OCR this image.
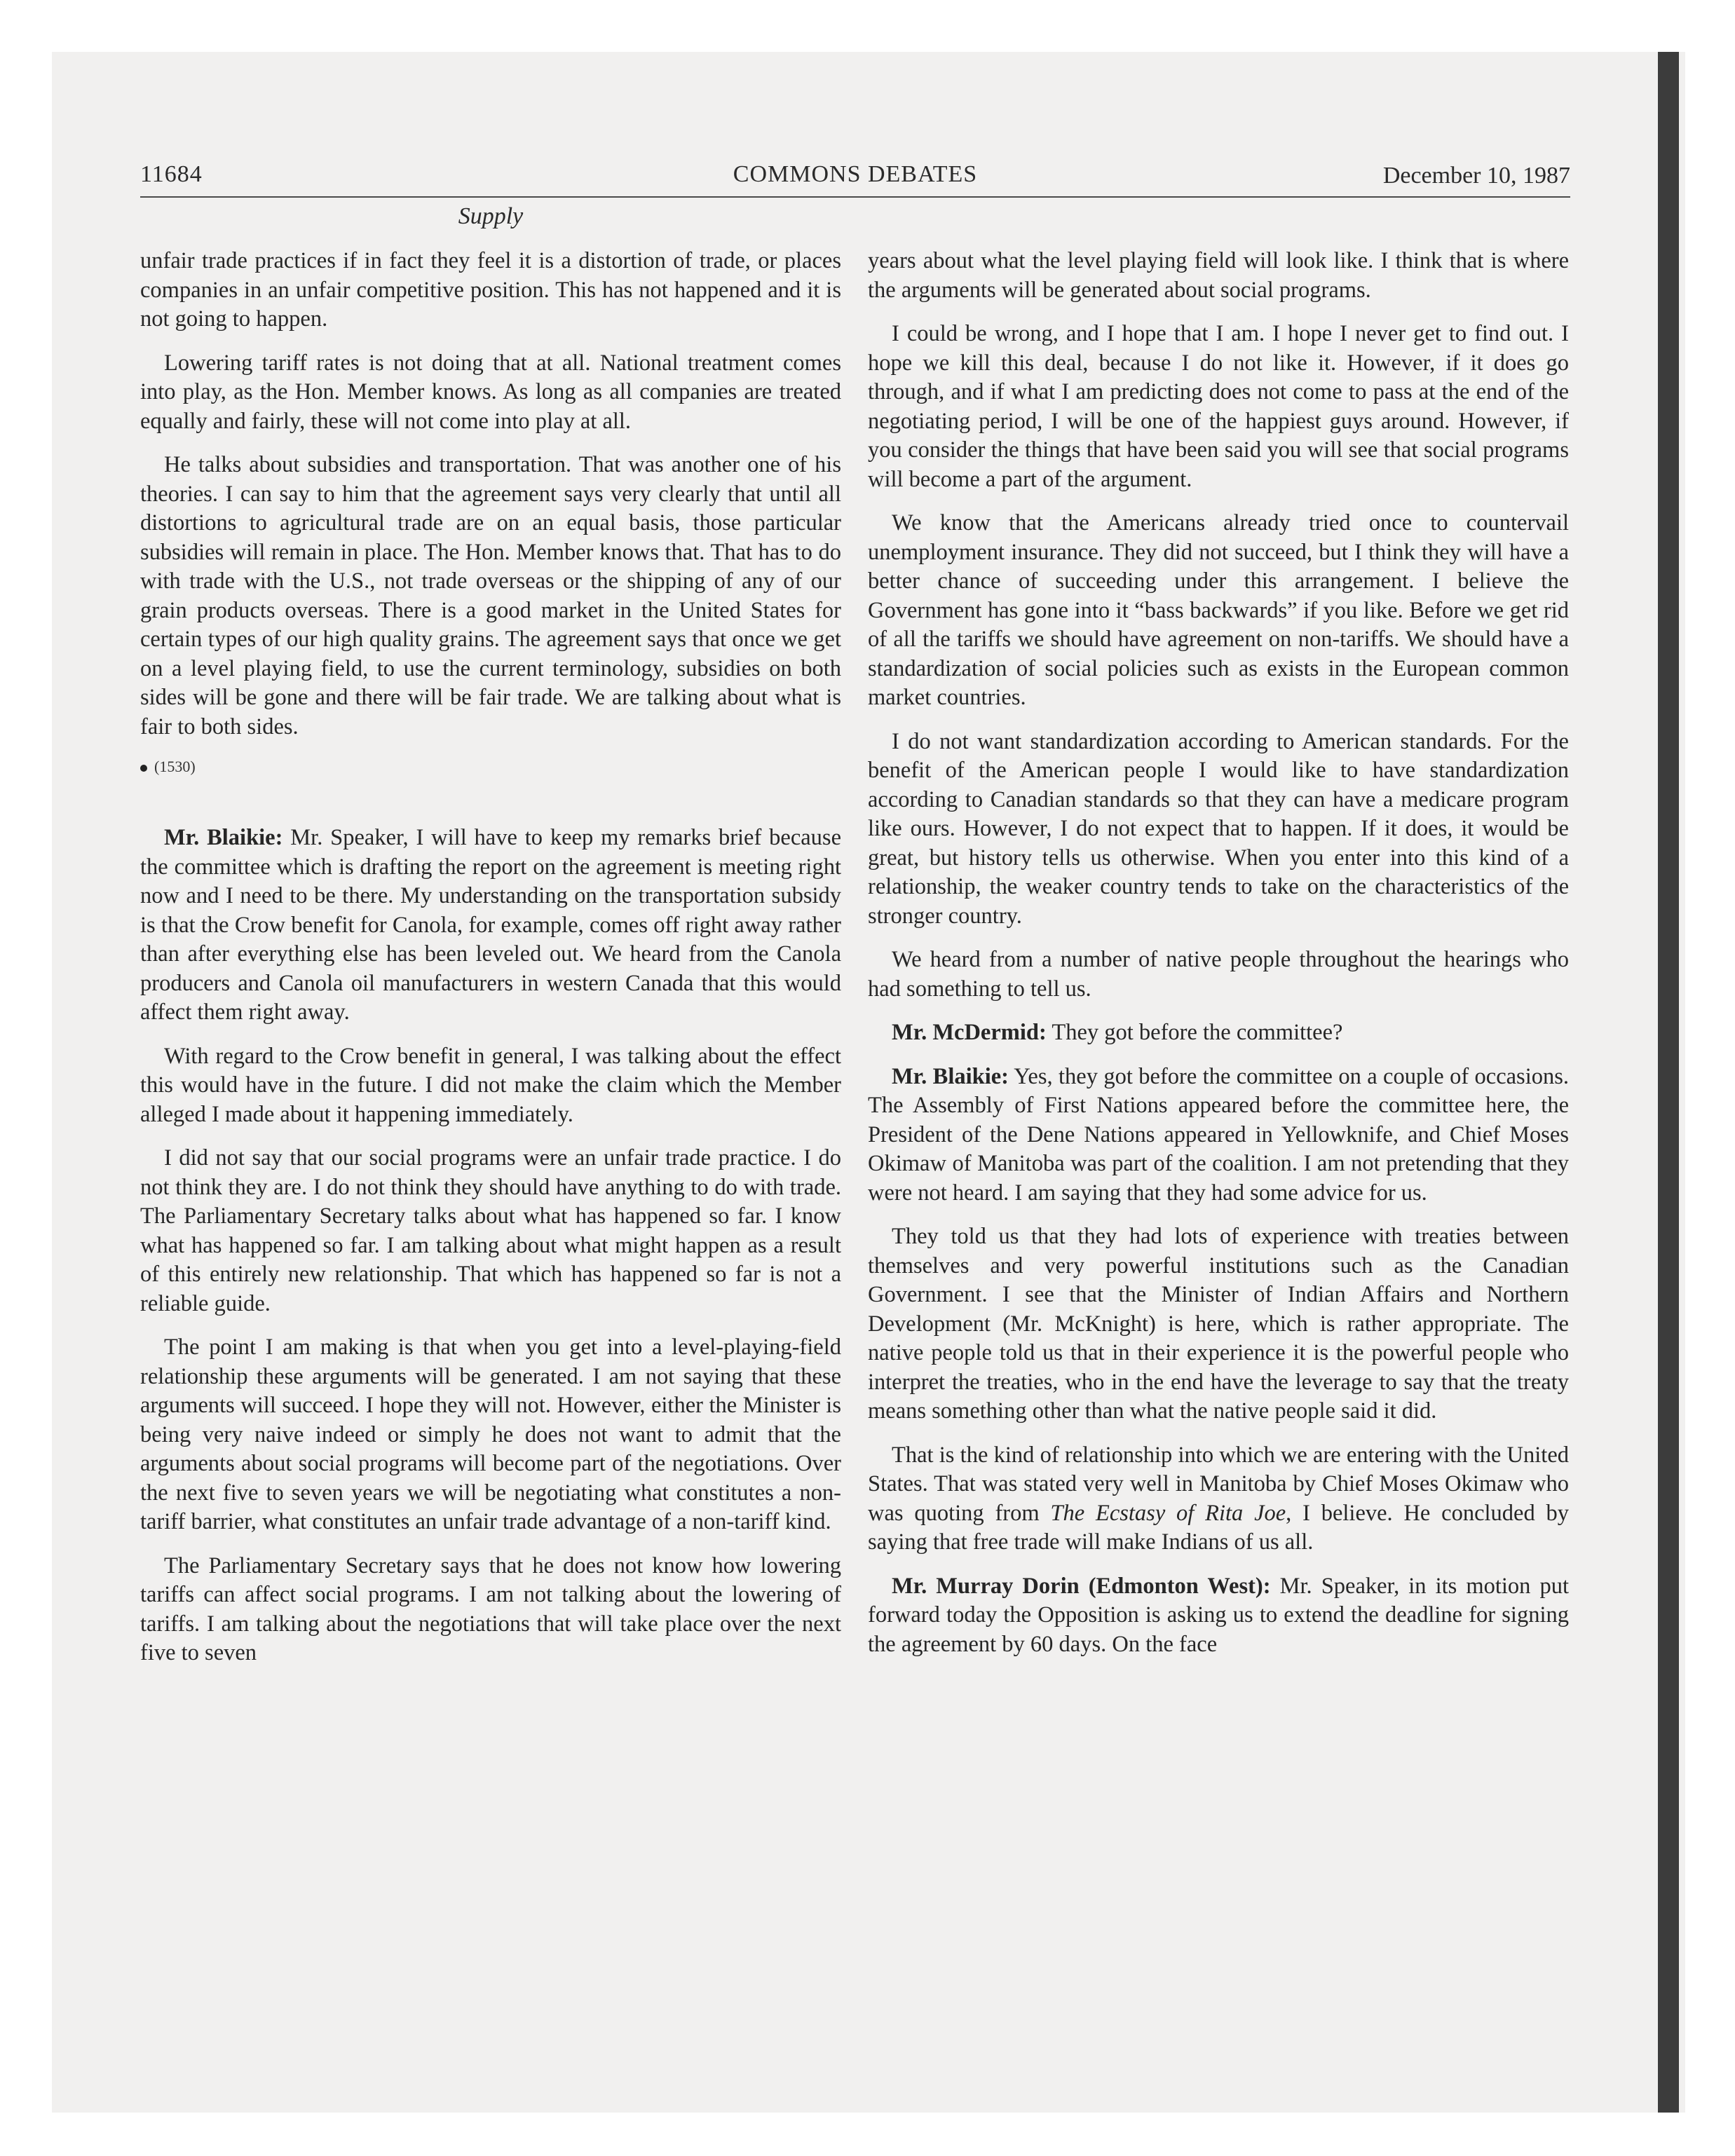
11684	COMMONS DEBATES	December 10, 1987
Supply

unfair trade practices if in fact they feel it is a distortion of trade, or places companies in an unfair competitive position. This has not happened and it is not going to happen.

Lowering tariff rates is not doing that at all. National treatment comes into play, as the Hon. Member knows. As long as all companies are treated equally and fairly, these will not come into play at all.

He talks about subsidies and transportation. That was another one of his theories. I can say to him that the agreement says very clearly that until all distortions to agricultural trade are on an equal basis, those particular subsidies will remain in place. The Hon. Member knows that. That has to do with trade with the U.S., not trade overseas or the shipping of any of our grain products overseas. There is a good market in the United States for certain types of our high quality grains. The agreement says that once we get on a level playing field, to use the current terminology, subsidies on both sides will be gone and there will be fair trade. We are talking about what is fair to both sides.

(1530)

Mr. Blaikie: Mr. Speaker, I will have to keep my remarks brief because the committee which is drafting the report on the agreement is meeting right now and I need to be there. My understanding on the transportation subsidy is that the Crow benefit for Canola, for example, comes off right away rather than after everything else has been leveled out. We heard from the Canola producers and Canola oil manufacturers in western Canada that this would affect them right away.

With regard to the Crow benefit in general, I was talking about the effect this would have in the future. I did not make the claim which the Member alleged I made about it happening immediately.

I did not say that our social programs were an unfair trade practice. I do not think they are. I do not think they should have anything to do with trade. The Parliamentary Secretary talks about what has happened so far. I know what has happened so far. I am talking about what might happen as a result of this entirely new relationship. That which has happened so far is not a reliable guide.

The point I am making is that when you get into a level-playing-field relationship these arguments will be generated. I am not saying that these arguments will succeed. I hope they will not. However, either the Minister is being very naive indeed or simply he does not want to admit that the arguments about social programs will become part of the negotiations. Over the next five to seven years we will be negotiating what constitutes a non-tariff barrier, what constitutes an unfair trade advantage of a non-tariff kind.

The Parliamentary Secretary says that he does not know how lowering tariffs can affect social programs. I am not talking about the lowering of tariffs. I am talking about the negotiations that will take place over the next five to seven

years about what the level playing field will look like. I think that is where the arguments will be generated about social programs.

I could be wrong, and I hope that I am. I hope I never get to find out. I hope we kill this deal, because I do not like it. However, if it does go through, and if what I am predicting does not come to pass at the end of the negotiating period, I will be one of the happiest guys around. However, if you consider the things that have been said you will see that social programs will become a part of the argument.

We know that the Americans already tried once to countervail unemployment insurance. They did not succeed, but I think they will have a better chance of succeeding under this arrangement. I believe the Government has gone into it “bass backwards” if you like. Before we get rid of all the tariffs we should have agreement on non-tariffs. We should have a standardization of social policies such as exists in the European common market countries.

I do not want standardization according to American standards. For the benefit of the American people I would like to have standardization according to Canadian standards so that they can have a medicare program like ours. However, I do not expect that to happen. If it does, it would be great, but history tells us otherwise. When you enter into this kind of a relationship, the weaker country tends to take on the characteristics of the stronger country.

We heard from a number of native people throughout the hearings who had something to tell us.

Mr. McDermid: They got before the committee?

Mr. Blaikie: Yes, they got before the committee on a couple of occasions. The Assembly of First Nations appeared before the committee here, the President of the Dene Nations appeared in Yellowknife, and Chief Moses Okimaw of Manitoba was part of the coalition. I am not pretending that they were not heard. I am saying that they had some advice for us.

They told us that they had lots of experience with treaties between themselves and very powerful institutions such as the Canadian Government. I see that the Minister of Indian Affairs and Northern Development (Mr. McKnight) is here, which is rather appropriate. The native people told us that in their experience it is the powerful people who interpret the treaties, who in the end have the leverage to say that the treaty means something other than what the native people said it did.

That is the kind of relationship into which we are entering with the United States. That was stated very well in Manitoba by Chief Moses Okimaw who was quoting from The Ecstasy of Rita Joe, I believe. He concluded by saying that free trade will make Indians of us all.

Mr. Murray Dorin (Edmonton West): Mr. Speaker, in its motion put forward today the Opposition is asking us to extend the deadline for signing the agreement by 60 days. On the face
